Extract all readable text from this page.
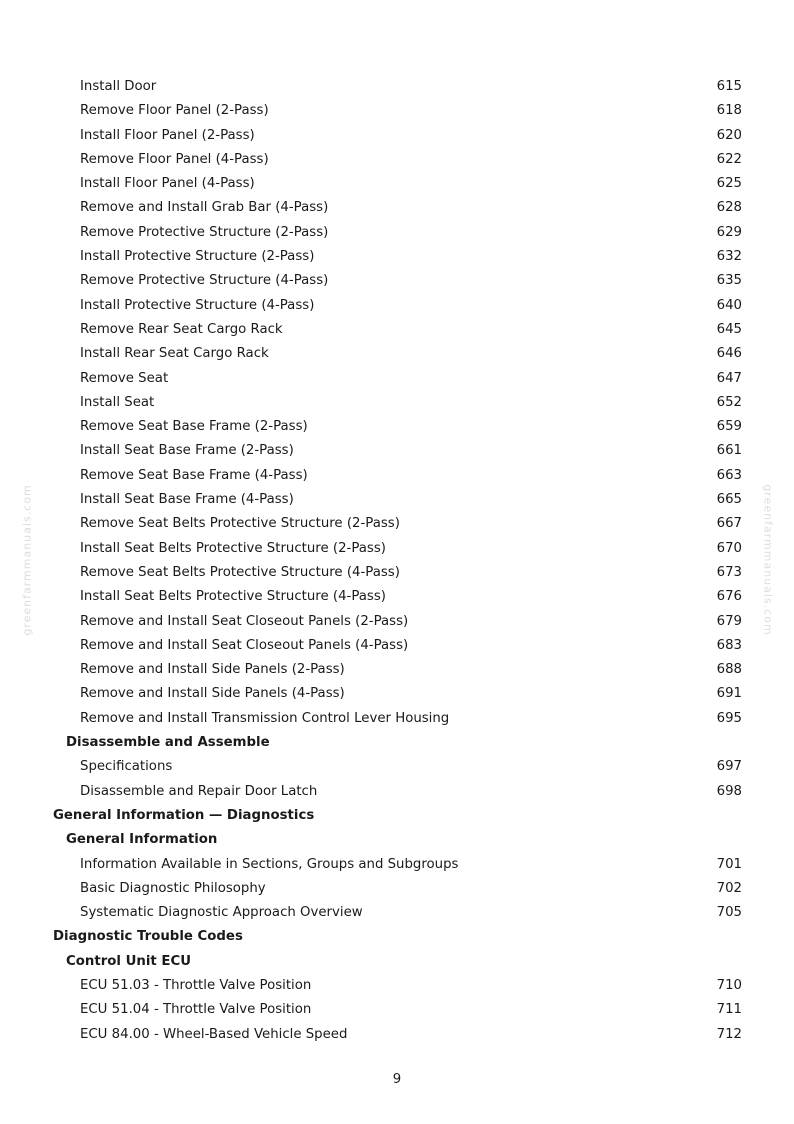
Install Door	615
Remove Floor Panel (2-Pass)	618
Install Floor Panel (2-Pass)	620
Remove Floor Panel (4-Pass)	622
Install Floor Panel (4-Pass)	625
Remove and Install Grab Bar (4-Pass)	628
Remove Protective Structure (2-Pass)	629
Install Protective Structure (2-Pass)	632
Remove Protective Structure (4-Pass)	635
Install Protective Structure (4-Pass)	640
Remove Rear Seat Cargo Rack	645
Install Rear Seat Cargo Rack	646
Remove Seat	647
Install Seat	652
Remove Seat Base Frame (2-Pass)	659
Install Seat Base Frame (2-Pass)	661
Remove Seat Base Frame (4-Pass)	663
Install Seat Base Frame (4-Pass)	665
Remove Seat Belts Protective Structure (2-Pass)	667
Install Seat Belts Protective Structure (2-Pass)	670
Remove Seat Belts Protective Structure (4-Pass)	673
Install Seat Belts Protective Structure (4-Pass)	676
Remove and Install Seat Closeout Panels (2-Pass)	679
Remove and Install Seat Closeout Panels (4-Pass)	683
Remove and Install Side Panels (2-Pass)	688
Remove and Install Side Panels (4-Pass)	691
Remove and Install Transmission Control Lever Housing	695
Disassemble and Assemble
Specifications	697
Disassemble and Repair Door Latch	698
General Information — Diagnostics
General Information
Information Available in Sections, Groups and Subgroups	701
Basic Diagnostic Philosophy	702
Systematic Diagnostic Approach Overview	705
Diagnostic Trouble Codes
Control Unit ECU
ECU 51.03 - Throttle Valve Position	710
ECU 51.04 - Throttle Valve Position	711
ECU 84.00 - Wheel-Based Vehicle Speed	712
9
greenfarmmanuals.com	greenfarmmanuals.com
